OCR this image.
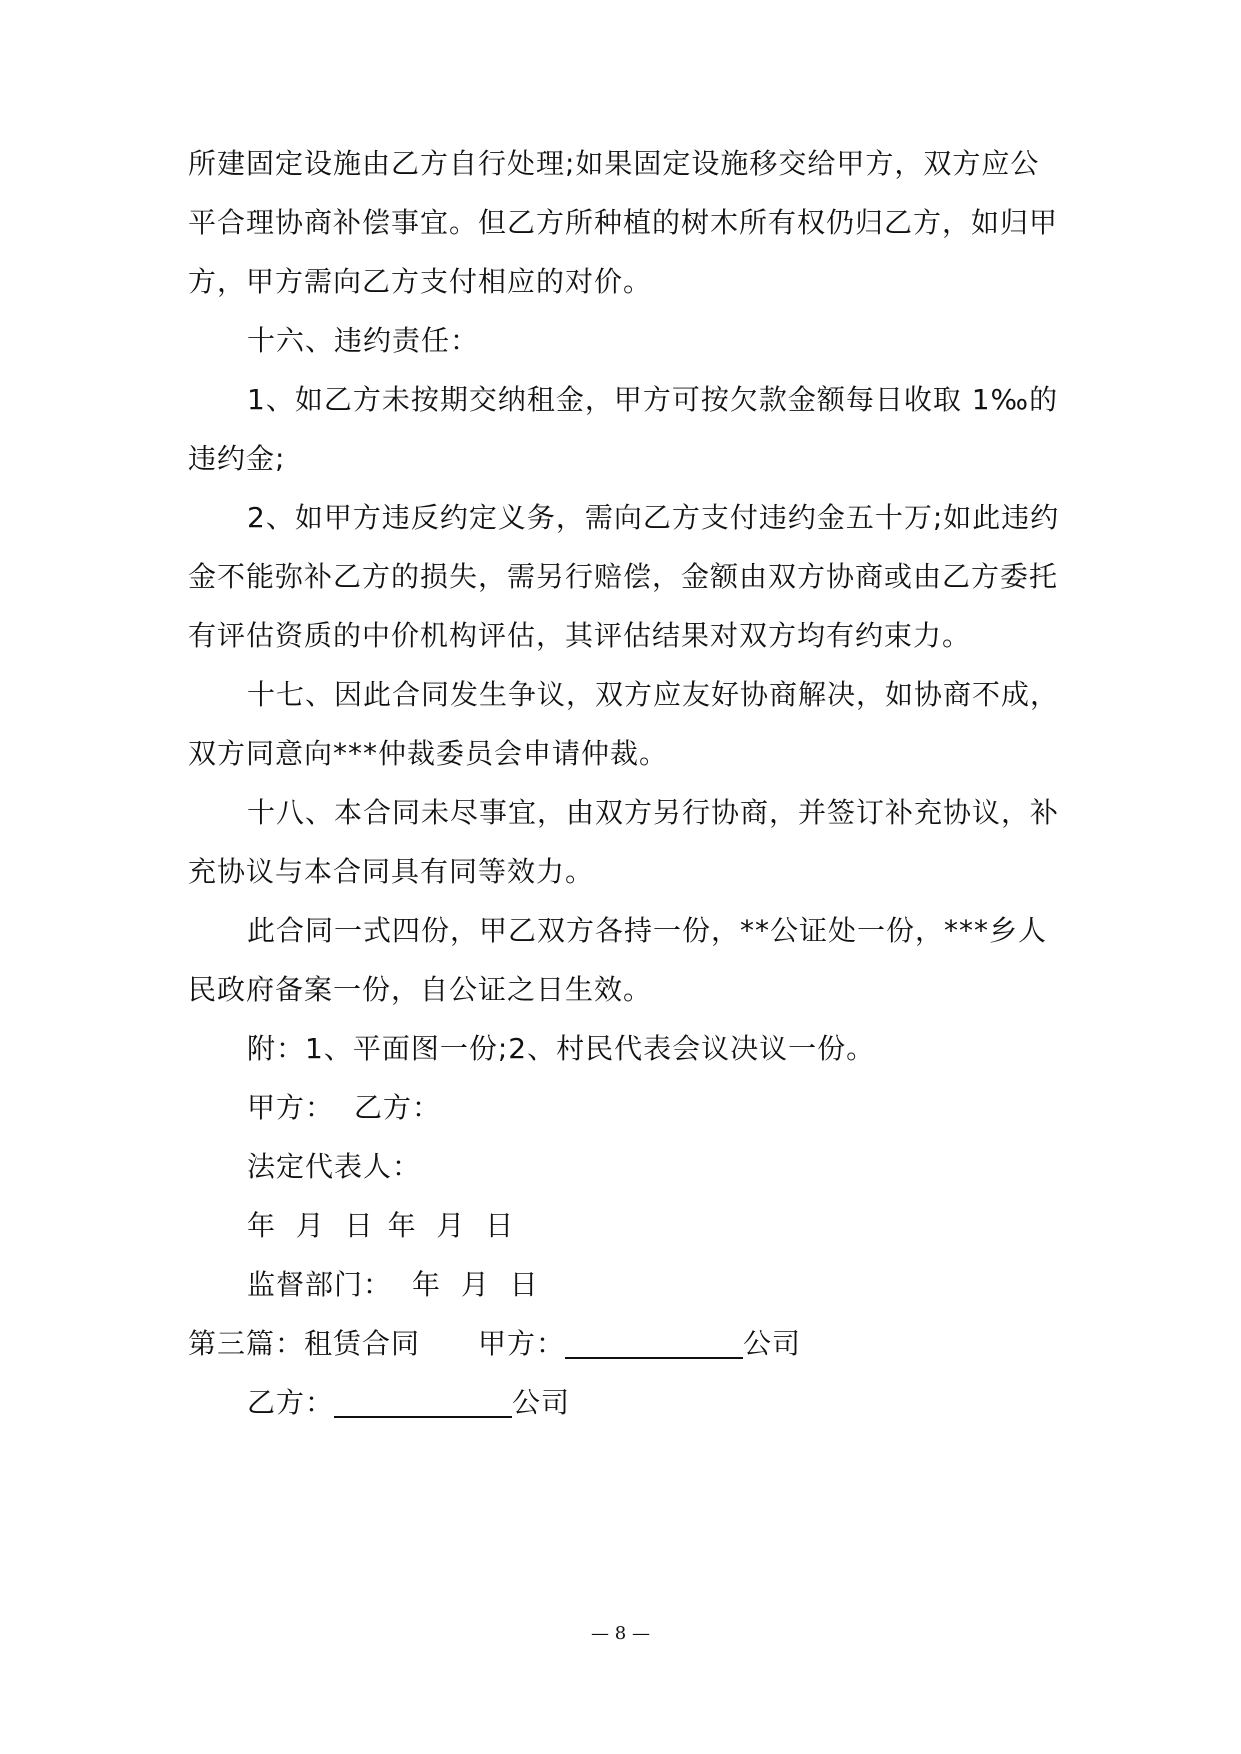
所建固定设施由乙方自行处理;如果固定设施移交给甲方，双方应公
平合理协商补偿事宜。但乙方所种植的树木所有权仍归乙方，如归甲
方，甲方需向乙方支付相应的对价。
十六、违约责任：
1、如乙方未按期交纳租金，甲方可按欠款金额每日收取 1‰的
违约金;
2、如甲方违反约定义务，需向乙方支付违约金五十万;如此违约
金不能弥补乙方的损失，需另行赔偿，金额由双方协商或由乙方委托
有评估资质的中价机构评估，其评估结果对双方均有约束力。
十七、因此合同发生争议，双方应友好协商解决，如协商不成，
双方同意向***仲裁委员会申请仲裁。
十八、本合同未尽事宜，由双方另行协商，并签订补充协议，补
充协议与本合同具有同等效力。
此合同一式四份，甲乙双方各持一份，**公证处一份，***乡人
民政府备案一份，自公证之日生效。
附：1、平面图一份;2、村民代表会议决议一份。
甲方： 乙方：
法定代表人：
年  月  日 年  月  日
监督部门： 年  月  日
第三篇：租赁合同 甲方：	公司
乙方：	公司
— 8 —
